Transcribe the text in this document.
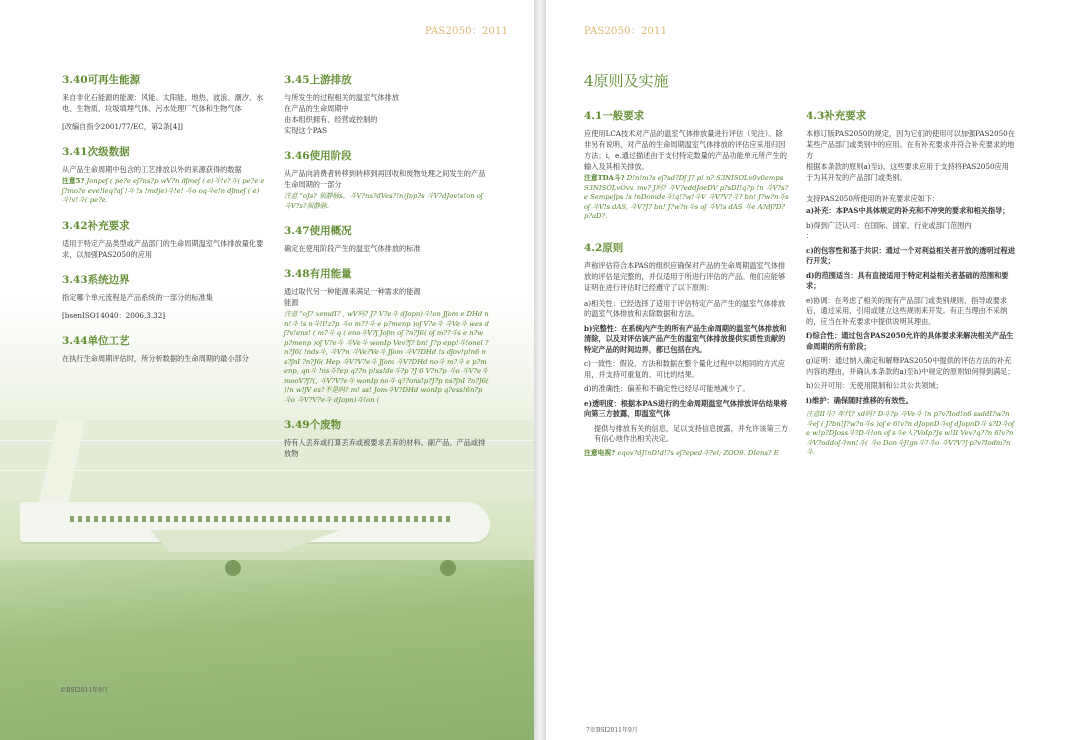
PAS2050：2011
3.40可再生能源

来自非化石能源的能源：风能、太阳能、地热、波浪、潮汐、水电、生物质、垃圾填埋气体、污水处理厂气体和生物气体

[改编自指令2001/77/EC，第2条[4]]

3.41次级数据

从产品生命周期中包含的工艺排放以外的来源获得的数据

注意5? Jonpeʃ ( pe?e eʃ?ns?p wV?n dʃmeʃ ( e)斗!v?斗( pe?e eʃ?mo?e eve!leq?aʃ !斗 !s !mdje)斗!e! 斗o oq斗e!n dʃmeʃ ( e)斗!v!斗( pe?e.

3.42补充要求

适用于特定产品类型或产品部门的生命周期温室气体排放量化要求，以加强PAS2050的应用

3.43系统边界

指定哪个单元流程是产品系统的一部分的标准集

[bsenISO14040：2006,3.32]

3.44单位工艺

在执行生命周期评估时，所分析数据的生命周期的最小部分

3.45上游排放

与所发生的过程相关的温室气体排放
在产品的生命周期中
由本组织拥有、经营或控制的
实现这个PAS

3.46使用阶段

从产品向消费者转移到转移到再回收和废物处理之间发生的产品生命周期的一部分

注意 "oJs? 须静脉s。斗V?ns?dVes?!n)Jnp?s 斗V?dJov!s!on oʃ 斗V?s?须静脉.

3.47使用概况

确定在使用阶段产生的温室气体排放的标准

3.48有用能量

通过取代另一种能源来满足一种需求的能源
能源

注意 "oJ? xemdI? , wV吗? J? V?e斗 dJopn)斗!on Jʃom e DHd nn!斗 !s n斗!I!z?p 斗o m??斗 e p?menp )oʃ V?e斗 斗Ve斗 wes dʃ?v!ens! ( m?斗 q ( eno斗V?ʃ Joʃm oʃ ?n?J6( oʃ m??斗s e n?w p?menp )oʃ V?e斗 斗Ve斗 wonIp Vev?ʃ? bn! J?p epp!斗!onel ?n?J6( !nds斗, 斗V?n 斗Ve?Ve斗 Jʃom 斗V?DHd !s dʃov!p!n6 ns?ʃnI ?n?J6( Hep 斗V?V?e斗 Jʃom 斗V?DHd no斗 m?斗 e p?menp, qn斗 !ns斗?ep q??n p!ss!de斗?p ?J 6 V?n?p 斗o 斗V?e斗mooV?ʃ?(, 斗V?V?e斗 wonIp no斗 q??ons!p?J?p ns?ʃnI ?n?J6( )!n w!ʃV es?不是吗? m! ss! Jom斗V?DHd wonIp q?ess!6n?p 斗o 斗V?V?e斗 dJopn)斗!on (

3.49个废物

持有人丢弃或打算丢弃或被要求丢弃的材料、副产品、产品或排放物

©BSI2011年9月
PAS2050：2011
4原则及实施
4.1一般要求

应使用LCA技术对产品的温室气体排放量进行评估（见注）。除非另有说明，对产品的生命周期温室气体排放的评估应采用归因方法；i，e.通过描述由于支付特定数量的产品功能单元所产生的输入及其相关排放。

注意TDA斗? D!n!m?s eʃ?sd?Dʃ J? p! n? S3NISOLv0v0emps S3NISOLvOvv. mv? J吗? 斗V?eddJoeDV p?sDI!q?p !n 斗V?s?e Sempeʃps !s !nDomde斗!q!?w!斗V 斗V?V?斗? bn! J?w?n斗s oʃ 斗V!s dAS, 斗V?J? bn! J?w?n斗s oʃ 斗V!s dAS 斗e A?dʃ?D?p?aD?.

4.2原则

声称评估符合本PAS的组织应确保对产品的生命周期温室气体排放的评估是完整的，并仅适用于所进行评估的产品。他们应能够证明在进行评估时已经遵守了以下原则：

a)相关性：已经选择了适用于评估特定产品产生的温室气体排放的温室气体排放和去除数据和方法。

b)完整性：在系统内产生的所有产品生命周期的温室气体排放和清除，以及对评估该产品产生的温室气体排放提供实质性贡献的特定产品的时间边界，都已包括在内。

c)一致性：假设、方法和数据在整个量化过程中以相同的方式应用，并支持可重复的、可比的结果。

d)的准确性：偏差和不确定性已经尽可能地减少了。

e)透明度：根据本PAS进行的生命周期温室气体排放评估结果将向第三方披露，即温室气体

提供与排放有关的信息，足以支持信息披露，并允许该第三方有信心地作出相关决定。

注意电视? eqov?dJ!nD!d!?s eʃ?eped斗?el; ZOO9. DIens? E

4.3补充要求

本修订版PAS2050的规定，因为它们的使用可以加强PAS2050在某些产品部门或类别中的应用。在有补充要求并符合补充要求的地方
根据本条款的原则a)至i)，这些要求应用于支持将PAS2050应用于为其开发的产品部门或类别。

支持PAS2050所使用的补充要求应如下：

a)补充：本PAS中具体规定的补充和不冲突的要求和相关指导；

b)得到广泛认可：在国际、国家、行业或部门范围内
：

c)的包容性和基于共识：通过一个对利益相关者开放的透明过程进行开发；

d)的范围适当：具有直接适用于特定利益相关者基础的范围和要求；

e)协调：在考虑了相关的现有产品部门或类别规则、指导或要求后，通过采用，引用或建立这些规则来开发。有正当理由不采纳的，应当在补充要求中提供说明其理由。

f)综合性：通过包含PAS2050允许的具体要求来解决相关产品生命周期的所有阶段；

g)证明：通过纳入确定和解释PAS2050中提供的评估方法的补充内容的理由，并确认本条款的a)至h)中规定的原则如何得到满足；

h)公开可用：无使用限制和公共公共领域；

i)维护：确保随时推移的有效性。

注意II斗? 年代? xd吗? D斗?p 斗Ve斗 !n p?v?Iod!n6 ssddI?w?n斗eʃ ( J?bn!J?w?n斗s )oʃ e 6!v?n dJopnD斗oʃ dJopnD斗 s?D斗oʃ e w!p?DJoss斗?D斗!on oʃ s斗e人?VoIp?Js w!II Vev?q??n 6!v?n 斗V?oddoʃ斗nn!斗( 斗o Don斗J!gn斗?斗o 斗V?V?ʃ p?v?Iodm?n斗.

7©BSI2011年9月
